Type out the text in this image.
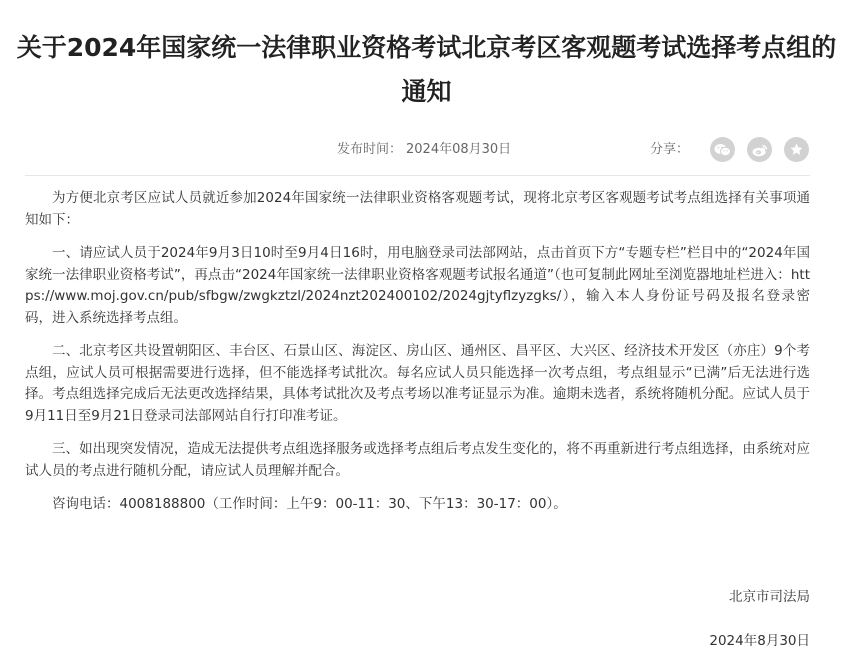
关于2024年国家统一法律职业资格考试北京考区客观题考试选择考点组的通知
发布时间： 2024年08月30日	分享：

为方便北京考区应试人员就近参加2024年国家统一法律职业资格客观题考试，现将北京考区客观题考试考点组选择有关事项通知如下：

一、请应试人员于2024年9月3日10时至9月4日16时，用电脑登录司法部网站，点击首页下方“专题专栏”栏目中的“2024年国家统一法律职业资格考试”，再点击“2024年国家统一法律职业资格客观题考试报名通道”（也可复制此网址至浏览器地址栏进入：https://www.moj.gov.cn/pub/sfbgw/zwgkztzl/2024nzt202400102/2024gjtyflzyzgks/），输入本人身份证号码及报名登录密码，进入系统选择考点组。

二、北京考区共设置朝阳区、丰台区、石景山区、海淀区、房山区、通州区、昌平区、大兴区、经济技术开发区（亦庄）9个考点组，应试人员可根据需要进行选择，但不能选择考试批次。每名应试人员只能选择一次考点组，考点组显示“已满”后无法进行选择。考点组选择完成后无法更改选择结果，具体考试批次及考点考场以准考证显示为准。逾期未选者，系统将随机分配。应试人员于9月11日至9月21日登录司法部网站自行打印准考证。

三、如出现突发情况，造成无法提供考点组选择服务或选择考点组后考点发生变化的，将不再重新进行考点组选择，由系统对应试人员的考点进行随机分配，请应试人员理解并配合。

咨询电话：4008188800（工作时间：上午9：00-11：30、下午13：30-17：00）。

北京市司法局
2024年8月30日
